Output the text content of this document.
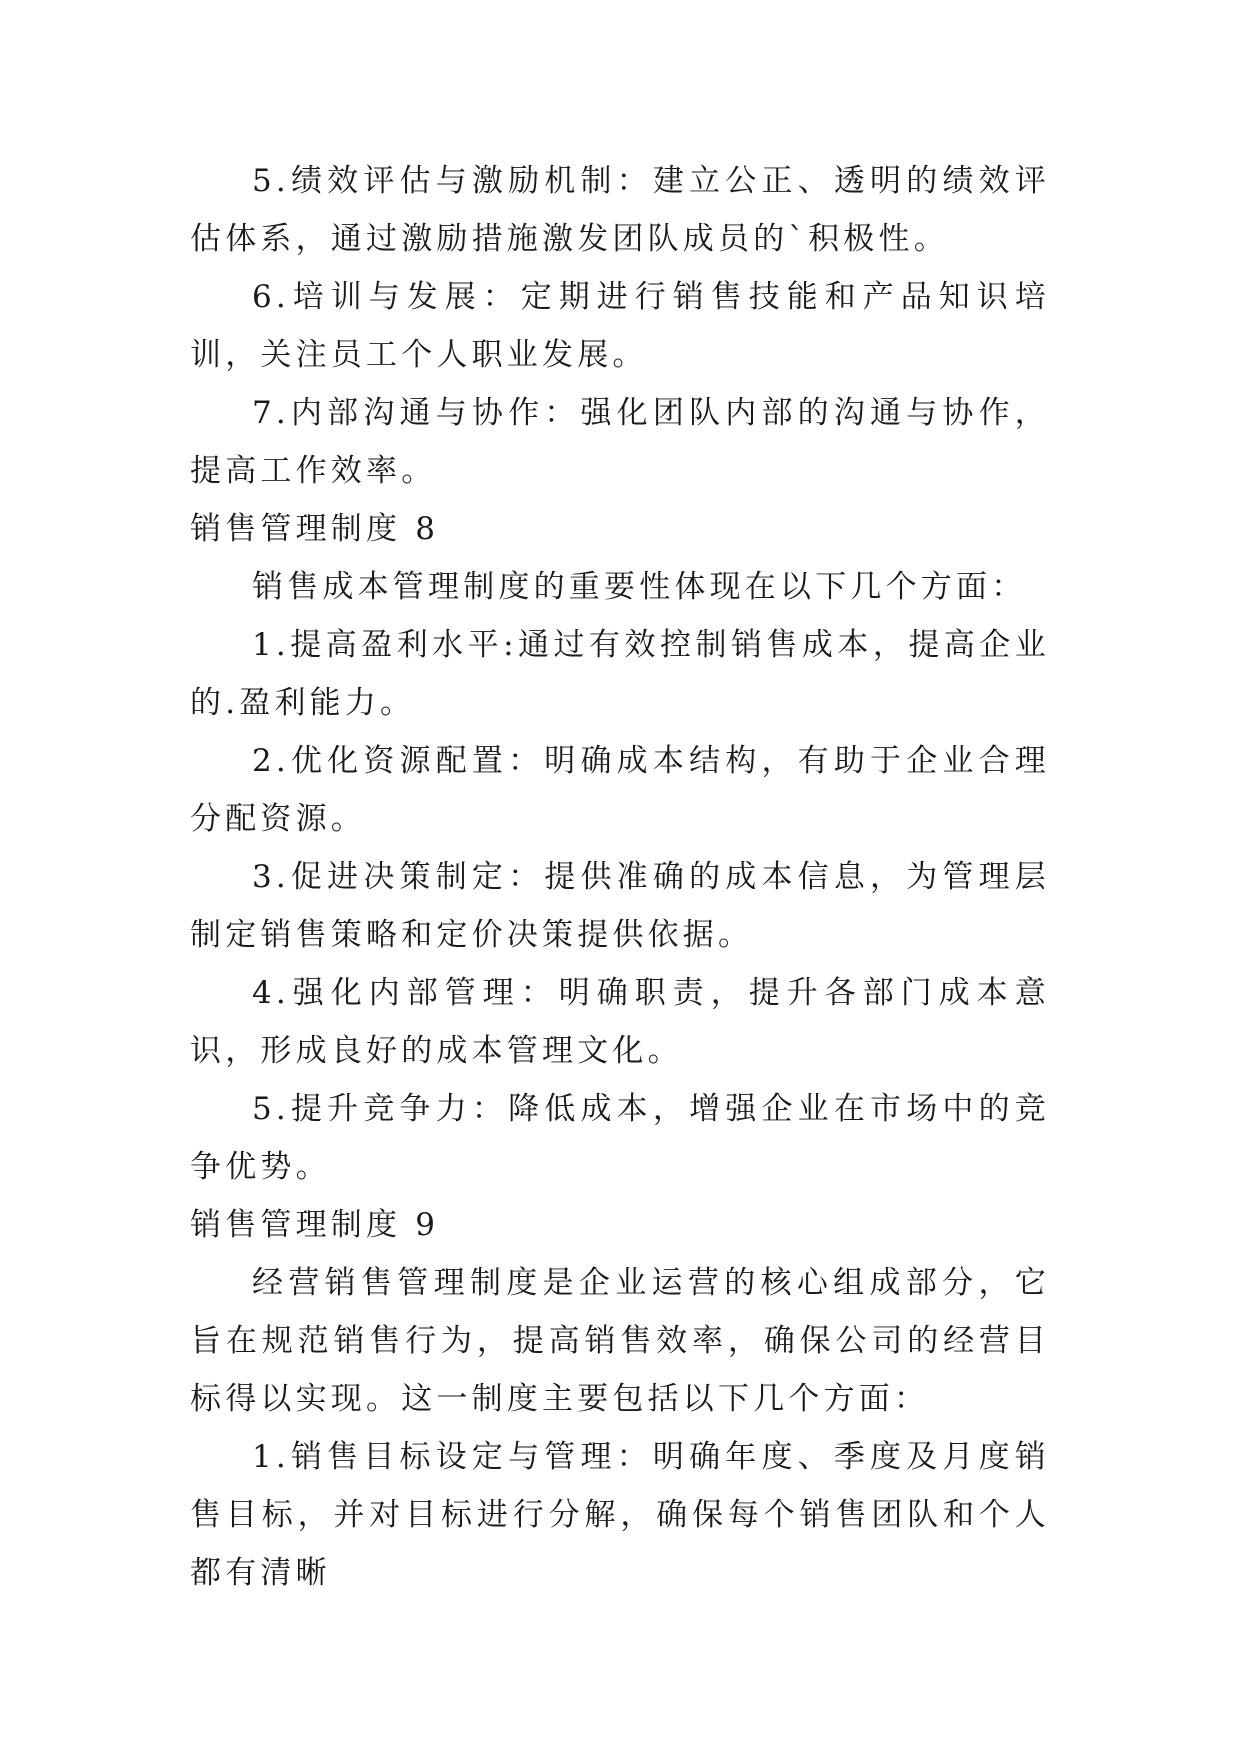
5.绩效评估与激励机制：建立公正、透明的绩效评估体系，通过激励措施激发团队成员的`积极性。

6.培训与发展：定期进行销售技能和产品知识培训，关注员工个人职业发展。

7.内部沟通与协作：强化团队内部的沟通与协作，提高工作效率。

销售管理制度 8

销售成本管理制度的重要性体现在以下几个方面：

1.提高盈利水平:通过有效控制销售成本，提高企业的.盈利能力。

2.优化资源配置：明确成本结构，有助于企业合理分配资源。

3.促进决策制定：提供准确的成本信息，为管理层制定销售策略和定价决策提供依据。

4.强化内部管理：明确职责，提升各部门成本意识，形成良好的成本管理文化。

5.提升竞争力：降低成本，增强企业在市场中的竞争优势。

销售管理制度 9

经营销售管理制度是企业运营的核心组成部分，它旨在规范销售行为，提高销售效率，确保公司的经营目标得以实现。这一制度主要包括以下几个方面：

1.销售目标设定与管理：明确年度、季度及月度销售目标，并对目标进行分解，确保每个销售团队和个人都有清晰
